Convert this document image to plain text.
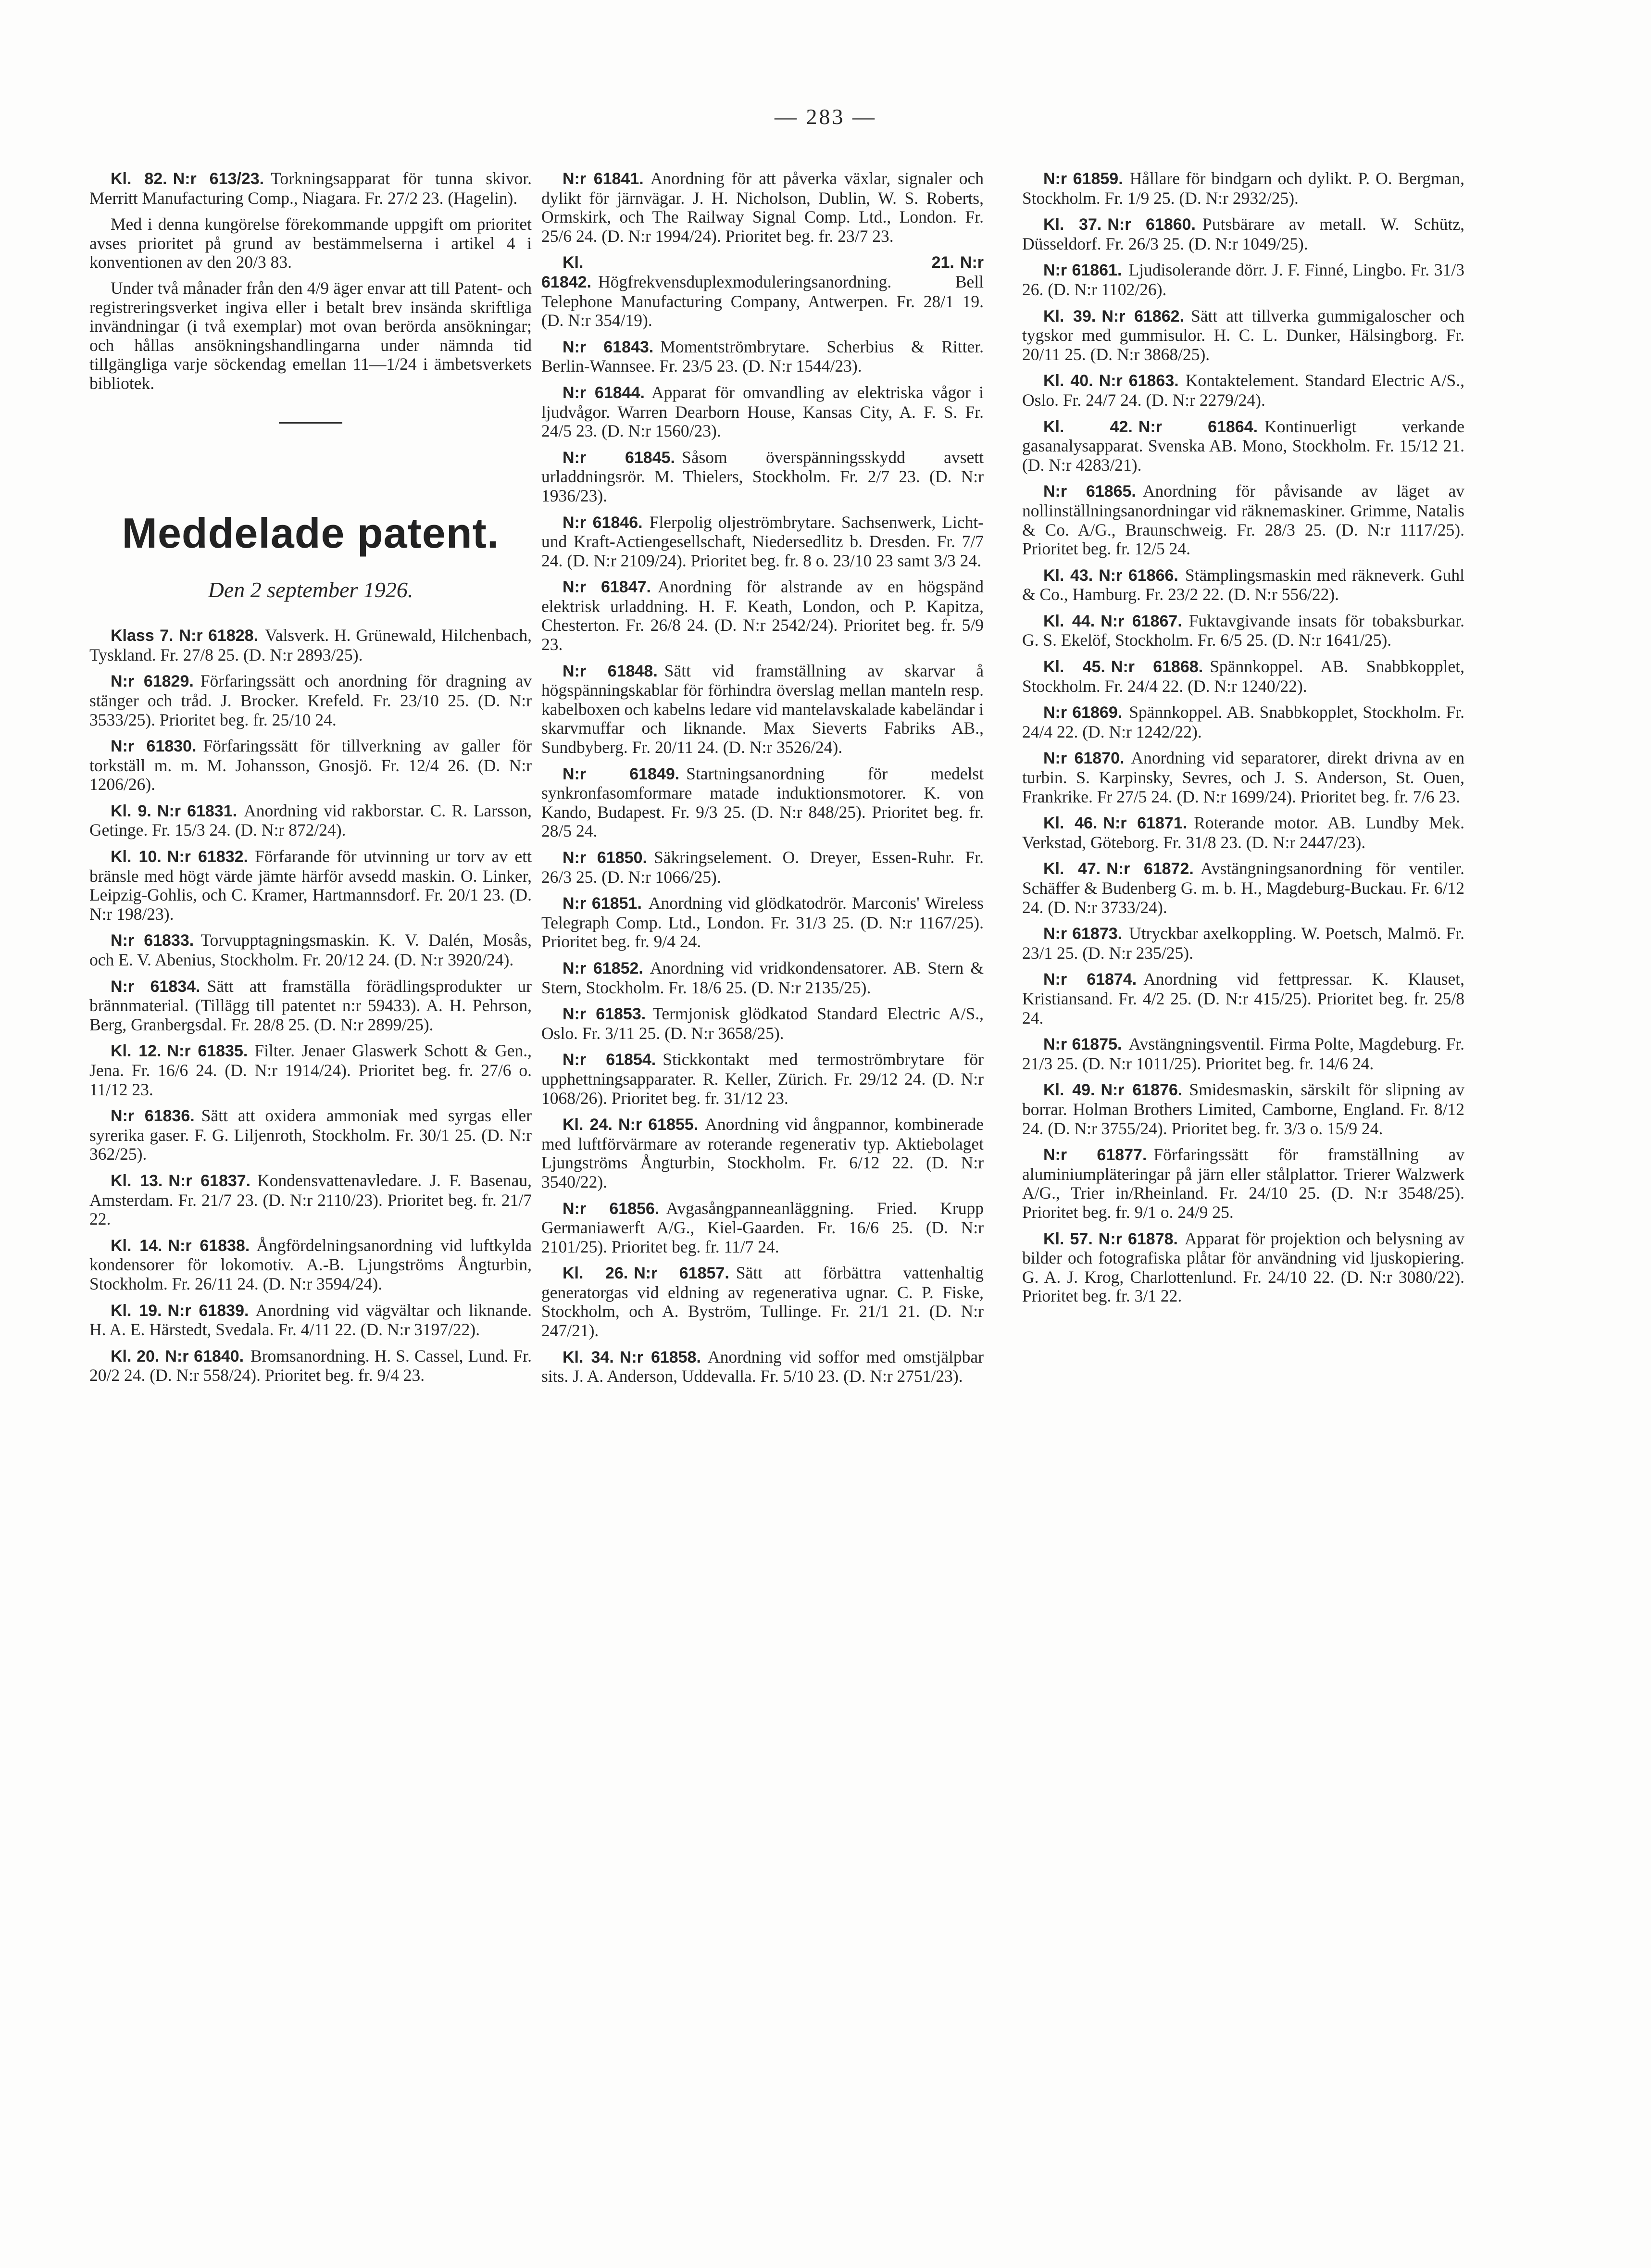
— 283 —
Kl. 82. N:r 613/23. Torkningsapparat för tunna skivor. Merritt Manufacturing Comp., Niagara. Fr. 27/2 23. (Hagelin).

Med i denna kungörelse förekommande uppgift om prioritet avses prioritet på grund av bestämmelserna i artikel 4 i konventionen av den 20/3 83.

Under två månader från den 4/9 äger envar att till Patent- och registreringsverket ingiva eller i betalt brev insända skriftliga invändningar (i två exemplar) mot ovan berörda ansökningar; och hållas ansökningshandlingarna under nämnda tid tillgängliga varje söckendag emellan 11—1/24 i ämbetsverkets bibliotek.

Meddelade patent.
Den 2 september 1926.
Klass 7. N:r 61828. Valsverk. H. Grünewald, Hilchenbach, Tyskland. Fr. 27/8 25. (D. N:r 2893/25).
N:r 61829. Förfaringssätt och anordning för dragning av stänger och tråd. J. Brocker. Krefeld. Fr. 23/10 25. (D. N:r 3533/25). Prioritet beg. fr. 25/10 24.
N:r 61830. Förfaringssätt för tillverkning av galler för torkställ m. m. M. Johansson, Gnosjö. Fr. 12/4 26. (D. N:r 1206/26).
Kl. 9. N:r 61831. Anordning vid rakborstar. C. R. Larsson, Getinge. Fr. 15/3 24. (D. N:r 872/24).
Kl. 10. N:r 61832. Förfarande för utvinning ur torv av ett bränsle med högt värde jämte härför avsedd maskin. O. Linker, Leipzig-Gohlis, och C. Kramer, Hartmannsdorf. Fr. 20/1 23. (D. N:r 198/23).
N:r 61833. Torvupptagningsmaskin. K. V. Dalén, Mosås, och E. V. Abenius, Stockholm. Fr. 20/12 24. (D. N:r 3920/24).
N:r 61834. Sätt att framställa förädlingsprodukter ur brännmaterial. (Tillägg till patentet n:r 59433). A. H. Pehrson, Berg, Granbergsdal. Fr. 28/8 25. (D. N:r 2899/25).
Kl. 12. N:r 61835. Filter. Jenaer Glaswerk Schott & Gen., Jena. Fr. 16/6 24. (D. N:r 1914/24). Prioritet beg. fr. 27/6 o. 11/12 23.
N:r 61836. Sätt att oxidera ammoniak med syrgas eller syrerika gaser. F. G. Liljenroth, Stockholm. Fr. 30/1 25. (D. N:r 362/25).
Kl. 13. N:r 61837. Kondensvattenavledare. J. F. Basenau, Amsterdam. Fr. 21/7 23. (D. N:r 2110/23). Prioritet beg. fr. 21/7 22.
Kl. 14. N:r 61838. Ångfördelningsanordning vid luftkylda kondensorer för lokomotiv. A.-B. Ljungströms Ångturbin, Stockholm. Fr. 26/11 24. (D. N:r 3594/24).
Kl. 19. N:r 61839. Anordning vid vägvältar och liknande. H. A. E. Härstedt, Svedala. Fr. 4/11 22. (D. N:r 3197/22).
Kl. 20. N:r 61840. Bromsanordning. H. S. Cassel, Lund. Fr. 20/2 24. (D. N:r 558/24). Prioritet beg. fr. 9/4 23.
N:r 61841. Anordning för att påverka växlar, signaler och dylikt för järnvägar. J. H. Nicholson, Dublin, W. S. Roberts, Ormskirk, och The Railway Signal Comp. Ltd., London. Fr. 25/6 24. (D. N:r 1994/24). Prioritet beg. fr. 23/7 23.
Kl. 21. N:r 61842. Högfrekvensduplexmoduleringsanordning. Bell Telephone Manufacturing Company, Antwerpen. Fr. 28/1 19. (D. N:r 354/19).
N:r 61843. Momentströmbrytare. Scherbius & Ritter. Berlin-Wannsee. Fr. 23/5 23. (D. N:r 1544/23).
N:r 61844. Apparat för omvandling av elektriska vågor i ljudvågor. Warren Dearborn House, Kansas City, A. F. S. Fr. 24/5 23. (D. N:r 1560/23).
N:r 61845. Såsom överspänningsskydd avsett urladdningsrör. M. Thielers, Stockholm. Fr. 2/7 23. (D. N:r 1936/23).
N:r 61846. Flerpolig oljeströmbrytare. Sachsenwerk, Licht- und Kraft-Actiengesellschaft, Niedersedlitz b. Dresden. Fr. 7/7 24. (D. N:r 2109/24). Prioritet beg. fr. 8 o. 23/10 23 samt 3/3 24.
N:r 61847. Anordning för alstrande av en högspänd elektrisk urladdning. H. F. Keath, London, och P. Kapitza, Chesterton. Fr. 26/8 24. (D. N:r 2542/24). Prioritet beg. fr. 5/9 23.
N:r 61848. Sätt vid framställning av skarvar å högspänningskablar för förhindra överslag mellan manteln resp. kabelboxen och kabelns ledare vid mantelavskalade kabeländar i skarvmuffar och liknande. Max Sieverts Fabriks AB., Sundbyberg. Fr. 20/11 24. (D. N:r 3526/24).
N:r 61849. Startningsanordning för medelst synkronfasomformare matade induktionsmotorer. K. von Kando, Budapest. Fr. 9/3 25. (D. N:r 848/25). Prioritet beg. fr. 28/5 24.
N:r 61850. Säkringselement. O. Dreyer, Essen-Ruhr. Fr. 26/3 25. (D. N:r 1066/25).
N:r 61851. Anordning vid glödkatodrör. Marconis' Wireless Telegraph Comp. Ltd., London. Fr. 31/3 25. (D. N:r 1167/25). Prioritet beg. fr. 9/4 24.
N:r 61852. Anordning vid vridkondensatorer. AB. Stern & Stern, Stockholm. Fr. 18/6 25. (D. N:r 2135/25).
N:r 61853. Termjonisk glödkatod Standard Electric A/S., Oslo. Fr. 3/11 25. (D. N:r 3658/25).
N:r 61854. Stickkontakt med termoströmbrytare för upphettningsapparater. R. Keller, Zürich. Fr. 29/12 24. (D. N:r 1068/26). Prioritet beg. fr. 31/12 23.
Kl. 24. N:r 61855. Anordning vid ångpannor, kombinerade med luftförvärmare av roterande regenerativ typ. Aktiebolaget Ljungströms Ångturbin, Stockholm. Fr. 6/12 22. (D. N:r 3540/22).
N:r 61856. Avgasångpanneanläggning. Fried. Krupp Germaniawerft A/G., Kiel-Gaarden. Fr. 16/6 25. (D. N:r 2101/25). Prioritet beg. fr. 11/7 24.
Kl. 26. N:r 61857. Sätt att förbättra vattenhaltig generatorgas vid eldning av regenerativa ugnar. C. P. Fiske, Stockholm, och A. Byström, Tullinge. Fr. 21/1 21. (D. N:r 247/21).
Kl. 34. N:r 61858. Anordning vid soffor med omstjälpbar sits. J. A. Anderson, Uddevalla. Fr. 5/10 23. (D. N:r 2751/23).
N:r 61859. Hållare för bindgarn och dylikt. P. O. Bergman, Stockholm. Fr. 1/9 25. (D. N:r 2932/25).
Kl. 37. N:r 61860. Putsbärare av metall. W. Schütz, Düsseldorf. Fr. 26/3 25. (D. N:r 1049/25).
N:r 61861. Ljudisolerande dörr. J. F. Finné, Lingbo. Fr. 31/3 26. (D. N:r 1102/26).
Kl. 39. N:r 61862. Sätt att tillverka gummigaloscher och tygskor med gummisulor. H. C. L. Dunker, Hälsingborg. Fr. 20/11 25. (D. N:r 3868/25).
Kl. 40. N:r 61863. Kontaktelement. Standard Electric A/S., Oslo. Fr. 24/7 24. (D. N:r 2279/24).
Kl. 42. N:r 61864. Kontinuerligt verkande gasanalysapparat. Svenska AB. Mono, Stockholm. Fr. 15/12 21. (D. N:r 4283/21).
N:r 61865. Anordning för påvisande av läget av nollinställningsanordningar vid räknemaskiner. Grimme, Natalis & Co. A/G., Braunschweig. Fr. 28/3 25. (D. N:r 1117/25). Prioritet beg. fr. 12/5 24.
Kl. 43. N:r 61866. Stämplingsmaskin med räkneverk. Guhl & Co., Hamburg. Fr. 23/2 22. (D. N:r 556/22).
Kl. 44. N:r 61867. Fuktavgivande insats för tobaksburkar. G. S. Ekelöf, Stockholm. Fr. 6/5 25. (D. N:r 1641/25).
Kl. 45. N:r 61868. Spännkoppel. AB. Snabbkopplet, Stockholm. Fr. 24/4 22. (D. N:r 1240/22).
N:r 61869. Spännkoppel. AB. Snabbkopplet, Stockholm. Fr. 24/4 22. (D. N:r 1242/22).
N:r 61870. Anordning vid separatorer, direkt drivna av en turbin. S. Karpinsky, Sevres, och J. S. Anderson, St. Ouen, Frankrike. Fr 27/5 24. (D. N:r 1699/24). Prioritet beg. fr. 7/6 23.
Kl. 46. N:r 61871. Roterande motor. AB. Lundby Mek. Verkstad, Göteborg. Fr. 31/8 23. (D. N:r 2447/23).
Kl. 47. N:r 61872. Avstängningsanordning för ventiler. Schäffer & Budenberg G. m. b. H., Magdeburg-Buckau. Fr. 6/12 24. (D. N:r 3733/24).
N:r 61873. Utryckbar axelkoppling. W. Poetsch, Malmö. Fr. 23/1 25. (D. N:r 235/25).
N:r 61874. Anordning vid fettpressar. K. Klauset, Kristiansand. Fr. 4/2 25. (D. N:r 415/25). Prioritet beg. fr. 25/8 24.
N:r 61875. Avstängningsventil. Firma Polte, Magdeburg. Fr. 21/3 25. (D. N:r 1011/25). Prioritet beg. fr. 14/6 24.
Kl. 49. N:r 61876. Smidesmaskin, särskilt för slipning av borrar. Holman Brothers Limited, Camborne, England. Fr. 8/12 24. (D. N:r 3755/24). Prioritet beg. fr. 3/3 o. 15/9 24.
N:r 61877. Förfaringssätt för framställning av aluminiumpläteringar på järn eller stålplattor. Trierer Walzwerk A/G., Trier in/Rheinland. Fr. 24/10 25. (D. N:r 3548/25). Prioritet beg. fr. 9/1 o. 24/9 25.
Kl. 57. N:r 61878. Apparat för projektion och belysning av bilder och fotografiska plåtar för användning vid ljuskopiering. G. A. J. Krog, Charlottenlund. Fr. 24/10 22. (D. N:r 3080/22). Prioritet beg. fr. 3/1 22.
